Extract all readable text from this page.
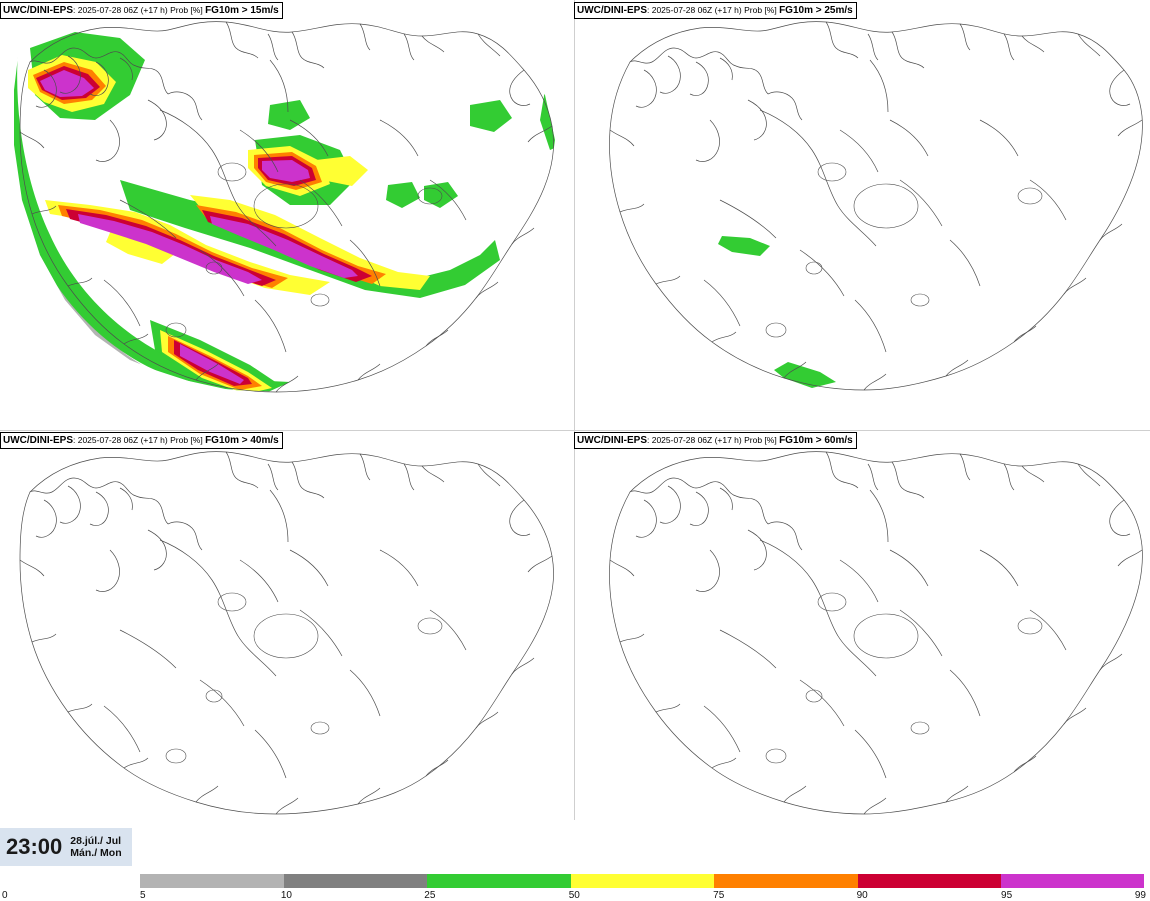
UWC/DINI-EPS: 2025-07-28 06Z (+17 h) Prob [%] FG10m > 15m/s	UWC/DINI-EPS: 2025-07-28 06Z (+17 h) Prob [%] FG10m > 25m/s
UWC/DINI-EPS: 2025-07-28 06Z (+17 h) Prob [%] FG10m > 40m/s	UWC/DINI-EPS: 2025-07-28 06Z (+17 h) Prob [%] FG10m > 60m/s
23:00 28.júl./ Jul
Mán./ Mon
0	5	10	25	50	75	90	95	99
